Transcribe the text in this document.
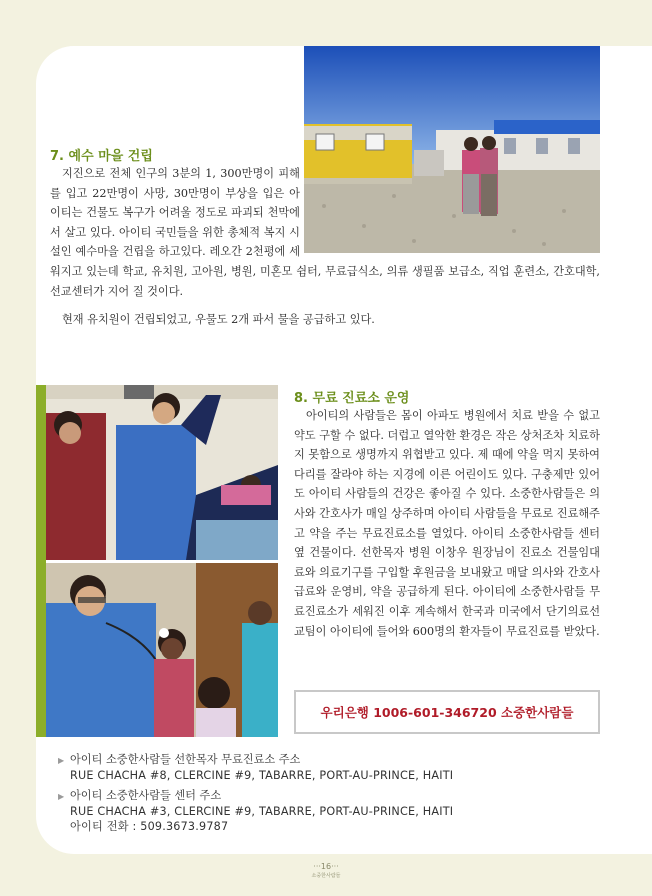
7. 예수 마을 건립

지진으로 전체 인구의 3분의 1, 300만명이 피해를 입고 22만명이 사망, 30만명이 부상을 입은 아이티는 건물도 복구가 어려울 정도로 파괴되 천막에서 살고 있다. 아이티 국민들을 위한 총체적 복지 시설인 예수마을 건립을 하고있다. 레오간 2천평에 세워지고 있는데 학교, 유치원, 고아원, 병원, 미혼모 쉼터, 무료급식소, 의류 생필품 보급소, 직업 훈련소, 간호대학, 선교센터가 지어 질 것이다.

현재 유치원이 건립되었고, 우물도 2개 파서 물을 공급하고 있다.

8. 무료 진료소 운영

아이티의 사람들은 몸이 아파도 병원에서 치료 받을 수 없고 약도 구할 수 없다. 더럽고 열악한 환경은 작은 상처조차 치료하지 못함으로 생명까지 위협받고 있다. 제 때에 약을 먹지 못하여 다리를 잘라야 하는 지경에 이른 어린이도 있다. 구충제만 있어도 아이티 사람들의 건강은 좋아질 수 있다. 소중한사람들은 의사와 간호사가 매일 상주하며 아이티 사람들을 무료로 진료해주고 약을 주는 무료진료소를 열었다. 아이티 소중한사람들 센터 옆 건물이다. 선한목자 병원 이창우 원장님이 진료소 건물임대료와 의료기구를 구입할 후원금을 보내왔고 매달 의사와 간호사 급료와 운영비, 약을 공급하게 된다. 아이티에 소중한사람들 무료진료소가 세워진 이후 계속해서 한국과 미국에서 단기의료선교팀이 아이티에 들어와 600명의 환자들이 무료진료를 받았다.

우리은행 1006-601-346720 소중한사람들
▶ 아이티 소중한사람들 선한목자 무료진료소 주소
RUE CHACHA #8, CLERCINE #9, TABARRE, PORT-AU-PRINCE, HAITI
▶ 아이티 소중한사람들 센터 주소
RUE CHACHA #3, CLERCINE #9, TABARRE, PORT-AU-PRINCE, HAITI
아이티 전화 : 509.3673.9787
···16···
소중한사람들
